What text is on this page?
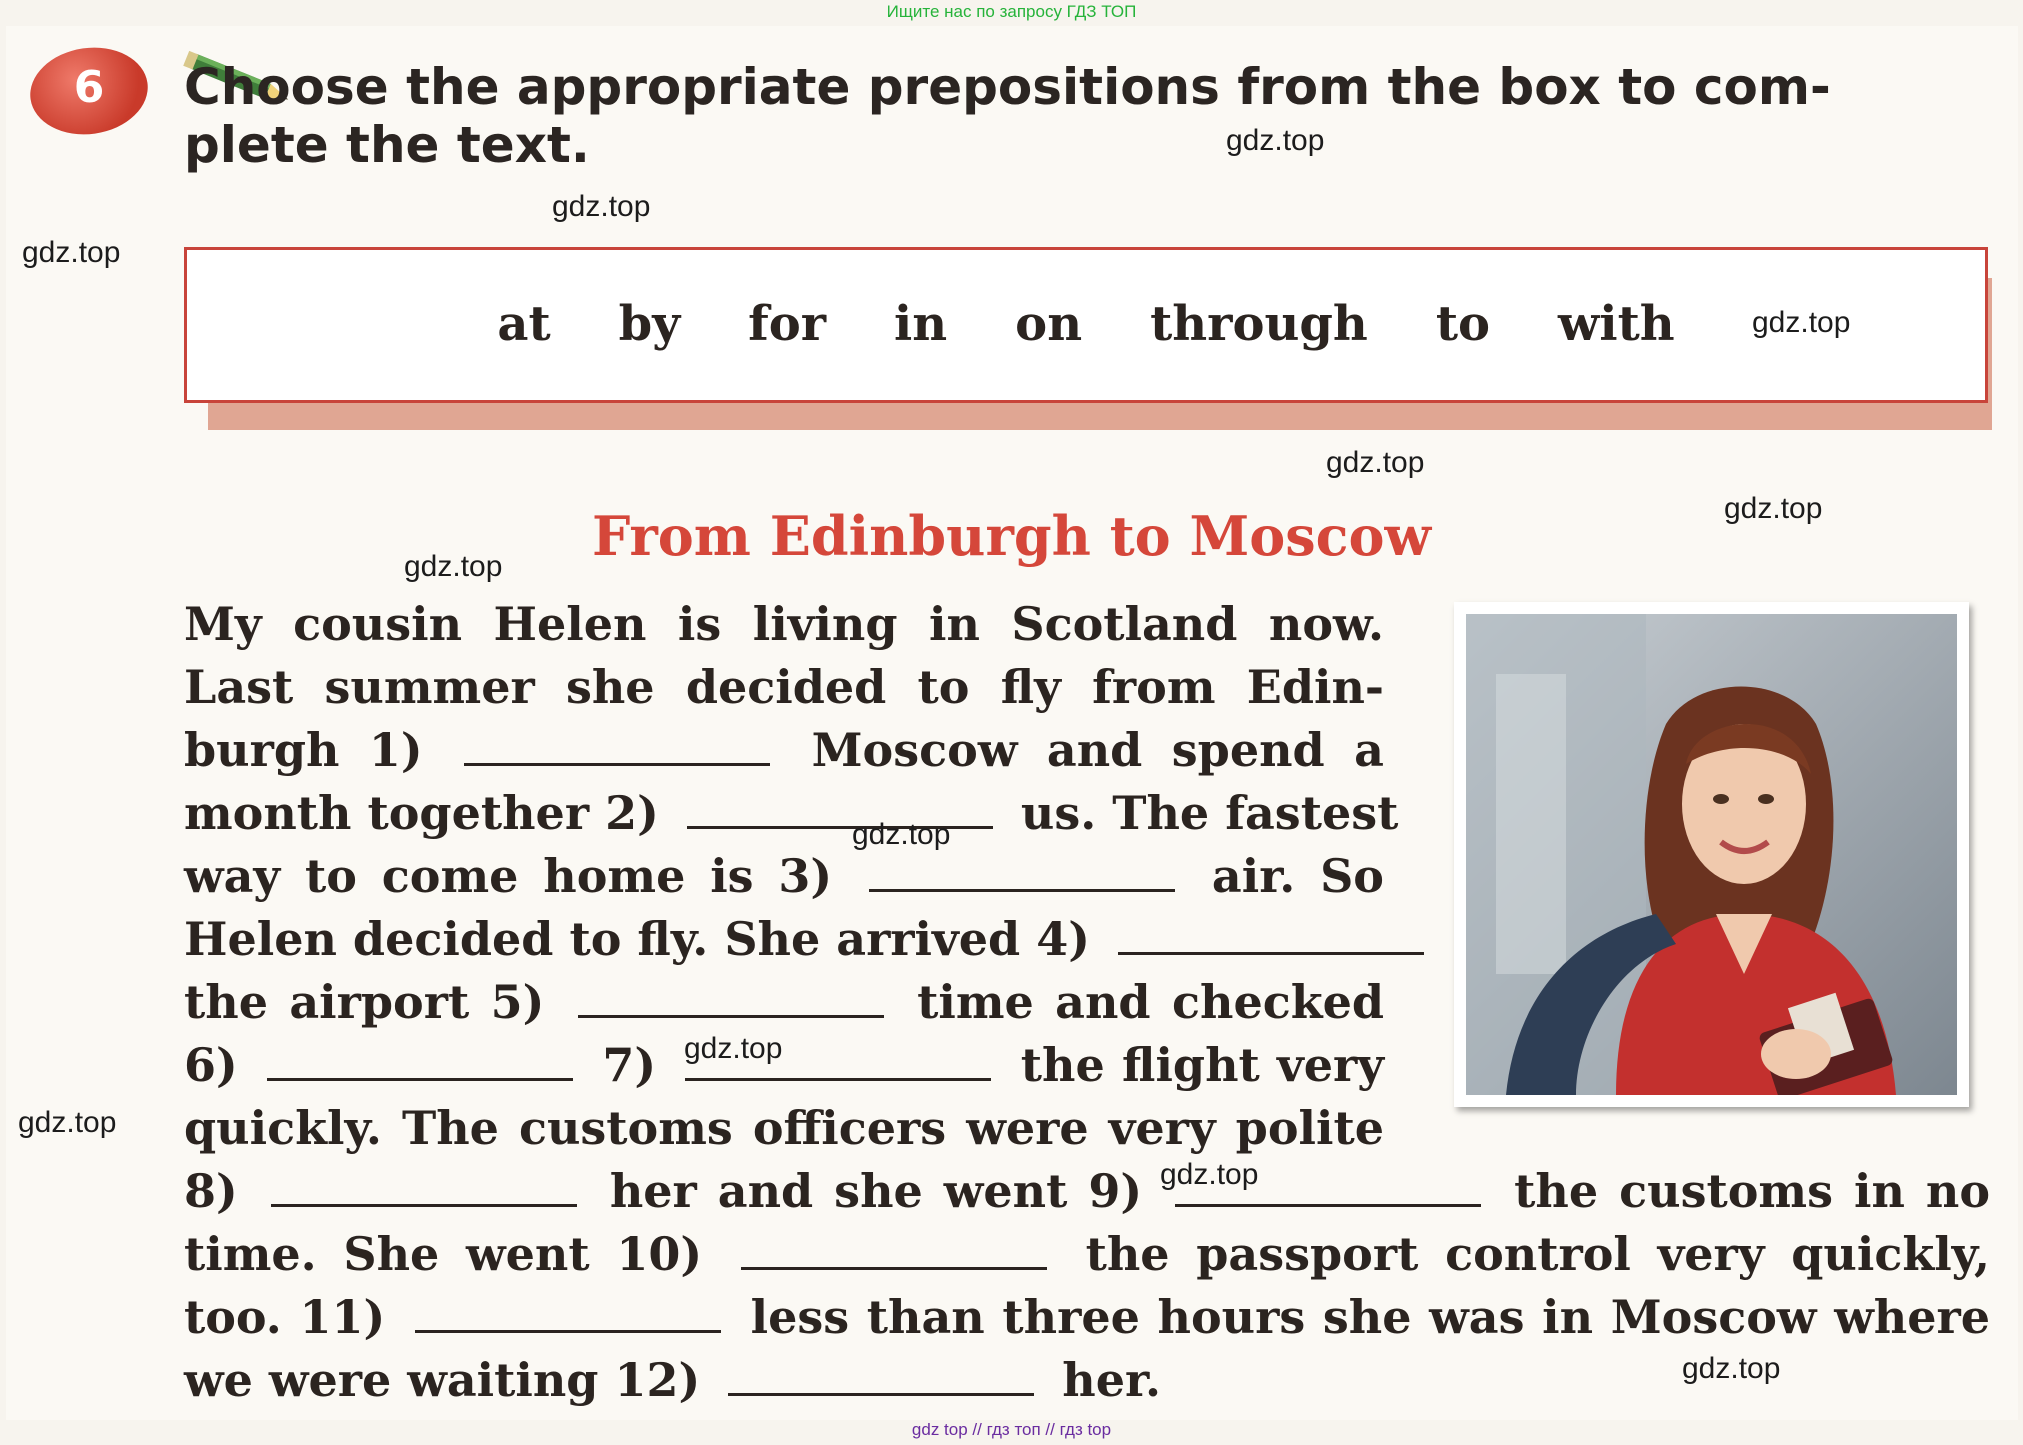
Ищите нас по запросу ГДЗ ТОП
6	Choose the appropriate prepositions from the box to com-
plete the text.
at by for in on through to with
From Edinburgh to Moscow
My cousin Helen is living in Scotland now.
Last summer she decided to fly from Edin-
burgh 1)	Moscow and spend a
month together 2)	us. The fastest
way to come home is 3)	air. So
Helen decided to fly. She arrived 4)
the airport 5)	time and checked
6)	7)	the flight very
quickly. The customs officers were very polite
8)	her and she went 9)	the customs in no
time. She went 10)	the passport control very quickly,
too. 11)	less than three hours she was in Moscow where
we were waiting 12)	her.
gdz.top
gdz.top
gdz.top
gdz.top
gdz.top
gdz.top
gdz.top
gdz.top
gdz.top
gdz.top
gdz.top
gdz.top
gdz top // гдз топ // гдз top
